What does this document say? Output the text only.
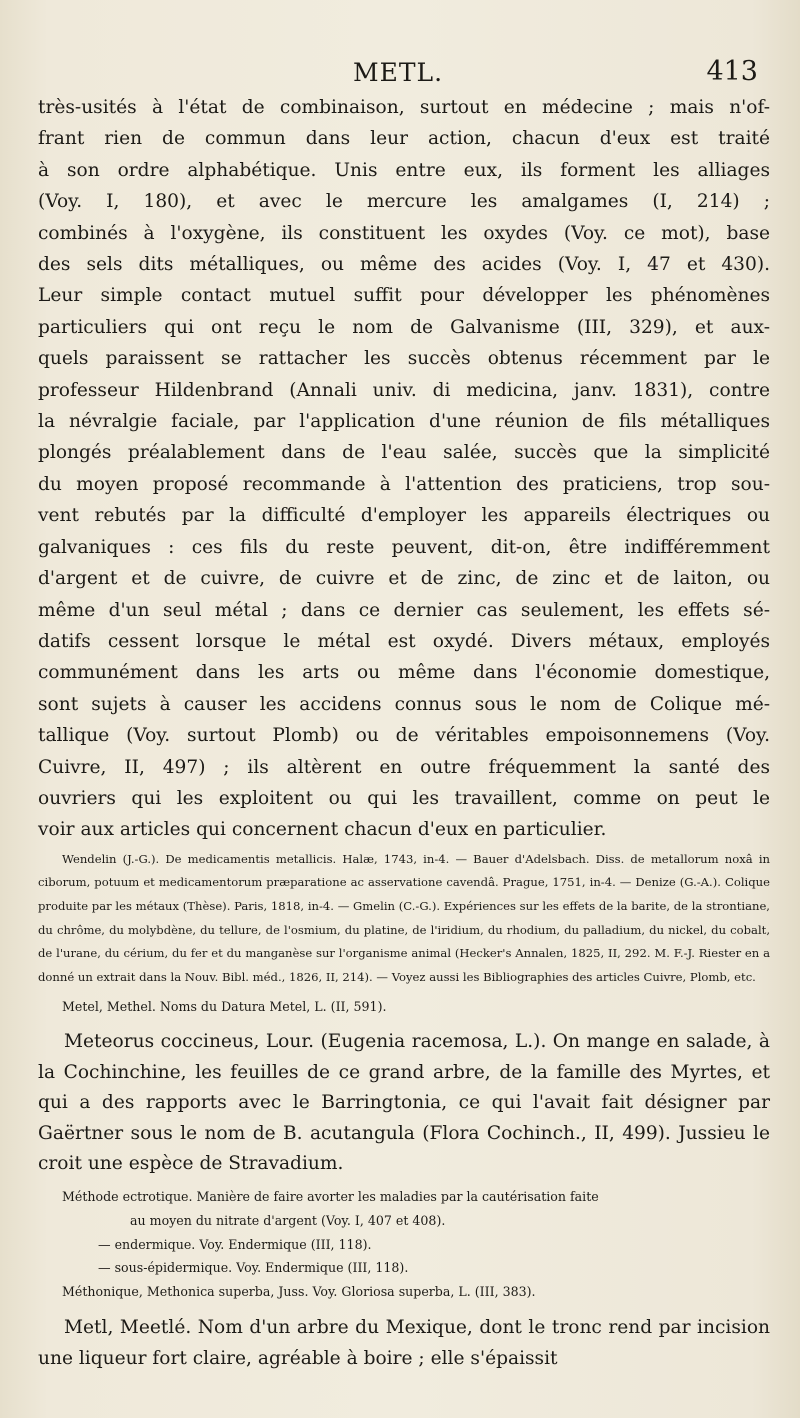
METL.	413

très-usités à l'état de combinaison, surtout en médecine ; mais n'of-

frant rien de commun dans leur action, chacun d'eux est traité

à son ordre alphabétique. Unis entre eux, ils forment les alliages

(Voy. I, 180), et avec le mercure les amalgames (I, 214) ;

combinés à l'oxygène, ils constituent les oxydes (Voy. ce mot), base

des sels dits métalliques, ou même des acides (Voy. I, 47 et 430).

Leur simple contact mutuel suffit pour développer les phénomènes

particuliers qui ont reçu le nom de Galvanisme (III, 329), et aux-

quels paraissent se rattacher les succès obtenus récemment par le

professeur Hildenbrand (Annali univ. di medicina, janv. 1831), contre

la névralgie faciale, par l'application d'une réunion de fils métalliques

plongés préalablement dans de l'eau salée, succès que la simplicité

du moyen proposé recommande à l'attention des praticiens, trop sou-

vent rebutés par la difficulté d'employer les appareils électriques ou

galvaniques : ces fils du reste peuvent, dit-on, être indifféremment

d'argent et de cuivre, de cuivre et de zinc, de zinc et de laiton, ou

même d'un seul métal ; dans ce dernier cas seulement, les effets sé-

datifs cessent lorsque le métal est oxydé. Divers métaux, employés

communément dans les arts ou même dans l'économie domestique,

sont sujets à causer les accidens connus sous le nom de Colique mé-

tallique (Voy. surtout Plomb) ou de véritables empoisonnemens (Voy.

Cuivre, II, 497) ; ils altèrent en outre fréquemment la santé des

ouvriers qui les exploitent ou qui les travaillent, comme on peut le

voir aux articles qui concernent chacun d'eux en particulier.

Wendelin (J.-G.). De medicamentis metallicis. Halæ, 1743, in-4. — Bauer d'Adelsbach. Diss. de metallorum noxâ in ciborum, potuum et medicamentorum præparatione ac asservatione cavendâ. Prague, 1751, in-4. — Denize (G.-A.). Colique produite par les métaux (Thèse). Paris, 1818, in-4. — Gmelin (C.-G.). Expériences sur les effets de la barite, de la strontiane, du chrôme, du molybdène, du tellure, de l'osmium, du platine, de l'iridium, du rhodium, du palladium, du nickel, du cobalt, de l'urane, du cérium, du fer et du manganèse sur l'organisme animal (Hecker's Annalen, 1825, II, 292. M. F.-J. Riester en a donné un extrait dans la Nouv. Bibl. méd., 1826, II, 214). — Voyez aussi les Bibliographies des articles Cuivre, Plomb, etc.

Metel, Methel. Noms du Datura Metel, L. (II, 591).

Meteorus coccineus, Lour. (Eugenia racemosa, L.). On mange en salade, à la Cochinchine, les feuilles de ce grand arbre, de la famille des Myrtes, et qui a des rapports avec le Barringtonia, ce qui l'avait fait désigner par Gaërtner sous le nom de B. acutangula (Flora Cochinch., II, 499). Jussieu le croit une espèce de Stravadium.

Méthode ectrotique. Manière de faire avorter les maladies par la cautérisation faite
au moyen du nitrate d'argent (Voy. I, 407 et 408).
— endermique. Voy. Endermique (III, 118).
— sous-épidermique. Voy. Endermique (III, 118).
Méthonique, Methonica superba, Juss. Voy. Gloriosa superba, L. (III, 383).

Metl, Meetlé. Nom d'un arbre du Mexique, dont le tronc rend par incision une liqueur fort claire, agréable à boire ; elle s'épaissit
